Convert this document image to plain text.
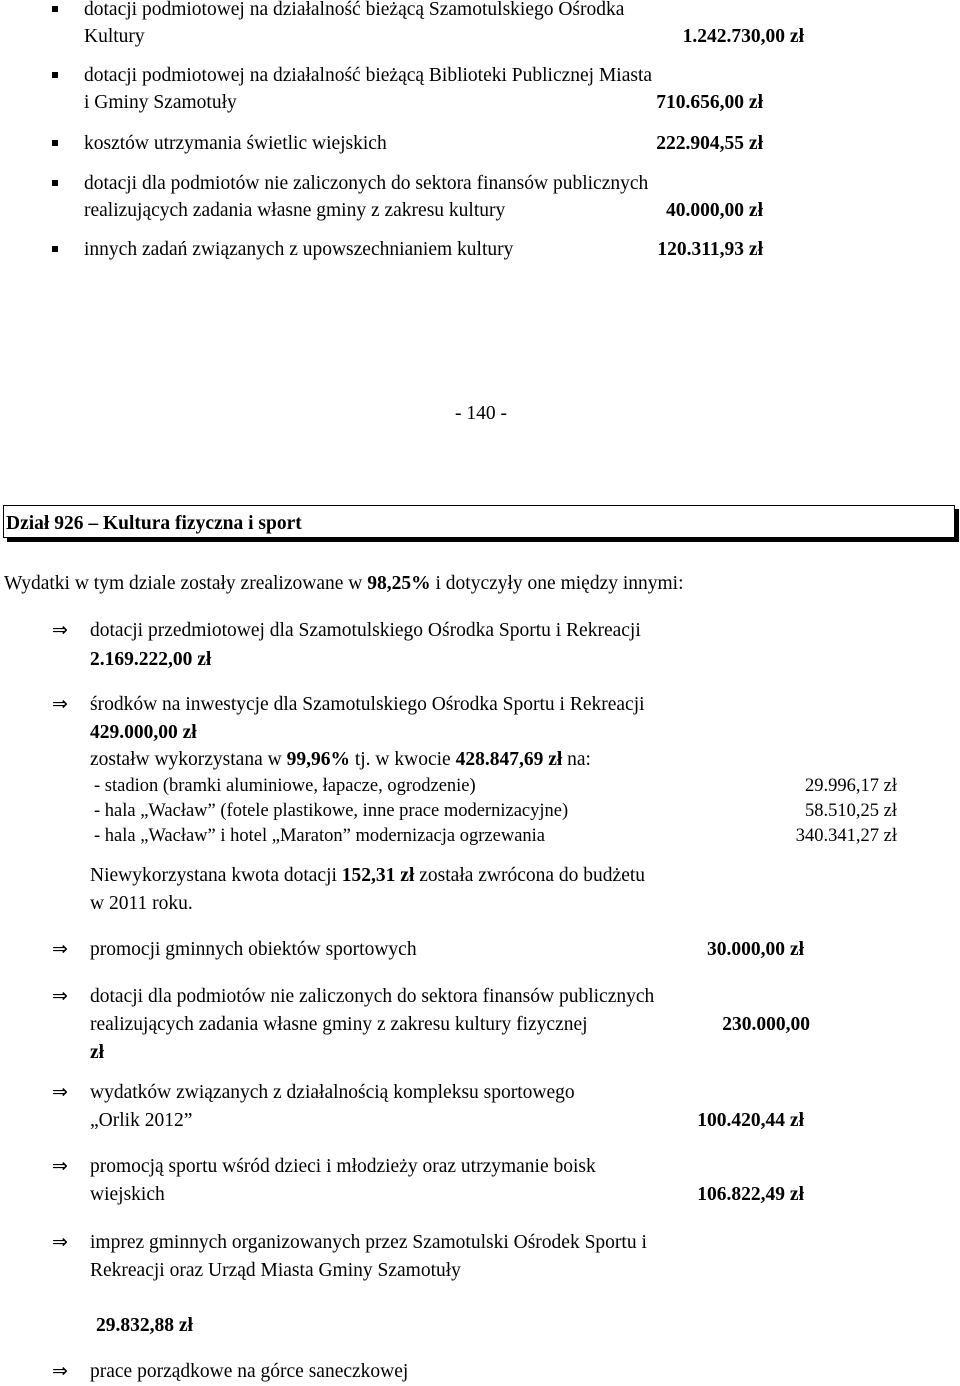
dotacji podmiotowej na działalność bieżącą Szamotulskiego Ośrodka
Kultury	1.242.730,00 zł
dotacji podmiotowej na działalność bieżącą Biblioteki Publicznej Miasta
i Gminy Szamotuły	710.656,00 zł
kosztów utrzymania świetlic wiejskich	222.904,55 zł
dotacji dla podmiotów nie zaliczonych do sektora finansów publicznych
realizujących zadania własne gminy z zakresu kultury	40.000,00 zł
innych zadań związanych z upowszechnianiem kultury	120.311,93 zł
- 140 -
Dział 926 – Kultura fizyczna i sport
Wydatki w tym dziale zostały zrealizowane w 98,25% i dotyczyły one między innymi:
⇒ dotacji przedmiotowej dla Szamotulskiego Ośrodka Sportu i Rekreacji
2.169.222,00 zł
⇒ środków na inwestycje dla Szamotulskiego Ośrodka Sportu i Rekreacji
429.000,00 zł
zostałw wykorzystana w 99,96% tj. w kwocie 428.847,69 zł na:
- stadion (bramki aluminiowe, łapacze, ogrodzenie)	29.996,17 zł
- hala „Wacław” (fotele plastikowe, inne prace modernizacyjne)	58.510,25 zł
- hala „Wacław” i hotel „Maraton” modernizacja ogrzewania	340.341,27 zł
Niewykorzystana kwota dotacji 152,31 zł została zwrócona do budżetu
w 2011 roku.
⇒ promocji gminnych obiektów sportowych	30.000,00 zł
⇒ dotacji dla podmiotów nie zaliczonych do sektora finansów publicznych
realizujących zadania własne gminy z zakresu kultury fizycznej	230.000,00
zł
⇒ wydatków związanych z działalnością kompleksu sportowego
„Orlik 2012”	100.420,44 zł
⇒ promocją sportu wśród dzieci i młodzieży oraz utrzymanie boisk
wiejskich	106.822,49 zł
⇒ imprez gminnych organizowanych przez Szamotulski Ośrodek Sportu i
Rekreacji oraz Urząd Miasta Gminy Szamotuły
29.832,88 zł
⇒ prace porządkowe na górce saneczkowej
